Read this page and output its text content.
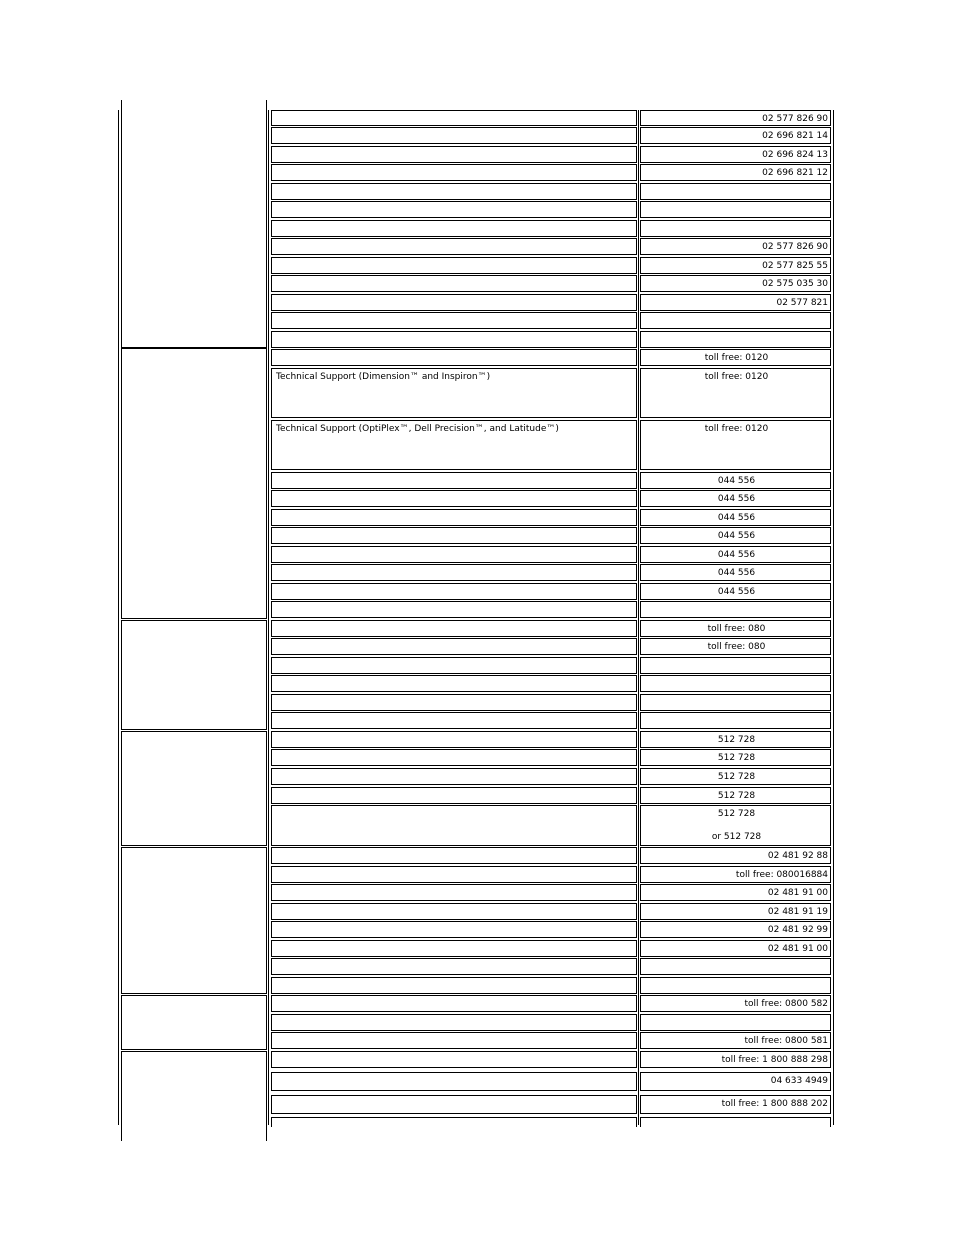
02 577 826 90
02 696 821 14
02 696 824 13
02 696 821 12
02 577 826 90
02 577 825 55
02 575 035 30
02 577 821
toll free: 0120
Technical Support (Dimension™ and Inspiron™)	toll free: 0120
Technical Support (OptiPlex™, Dell Precision™, and Latitude™)	toll free: 0120
044 556
044 556
044 556
044 556
044 556
044 556
044 556
toll free: 080
toll free: 080
512 728
512 728
512 728
512 728
512 728
or 512 728
02 481 92 88
toll free: 080016884
02 481 91 00
02 481 91 19
02 481 92 99
02 481 91 00
toll free: 0800 582
toll free: 0800 581
toll free: 1 800 888 298
04 633 4949
toll free: 1 800 888 202
